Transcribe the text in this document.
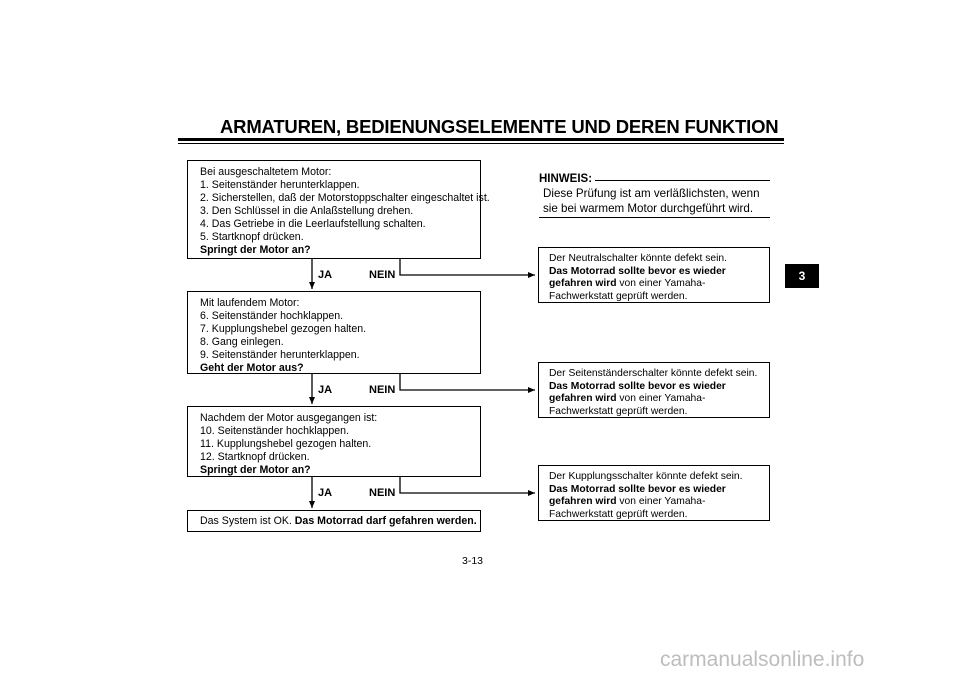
ARMATUREN, BEDIENUNGSELEMENTE UND DEREN FUNKTION
Bei ausgeschaltetem Motor:
1. Seitenständer herunterklappen.
2. Sicherstellen, daß der Motorstoppschalter eingeschaltet ist.
3. Den Schlüssel in die Anlaßstellung drehen.
4. Das Getriebe in die Leerlaufstellung schalten.
5. Startknopf drücken.
Springt der Motor an?
JA	NEIN
Mit laufendem Motor:
6. Seitenständer hochklappen.
7. Kupplungshebel gezogen halten.
8. Gang einlegen.
9. Seitenständer herunterklappen.
Geht der Motor aus?
JA	NEIN
Nachdem der Motor ausgegangen ist:
10. Seitenständer hochklappen.
11. Kupplungshebel gezogen halten.
12. Startknopf drücken.
Springt der Motor an?
JA	NEIN
Das System ist OK. Das Motorrad darf gefahren werden.
HINWEIS:
Diese Prüfung ist am verläßlichsten, wenn
sie bei warmem Motor durchgeführt wird.
Der Neutralschalter könnte defekt sein.
Das Motorrad sollte bevor es wieder
gefahren wird von einer Yamaha-
Fachwerkstatt geprüft werden.
Der Seitenständerschalter könnte defekt sein.
Das Motorrad sollte bevor es wieder
gefahren wird von einer Yamaha-
Fachwerkstatt geprüft werden.
Der Kupplungsschalter könnte defekt sein.
Das Motorrad sollte bevor es wieder
gefahren wird von einer Yamaha-
Fachwerkstatt geprüft werden.
3
3-13
carmanualsonline.info
